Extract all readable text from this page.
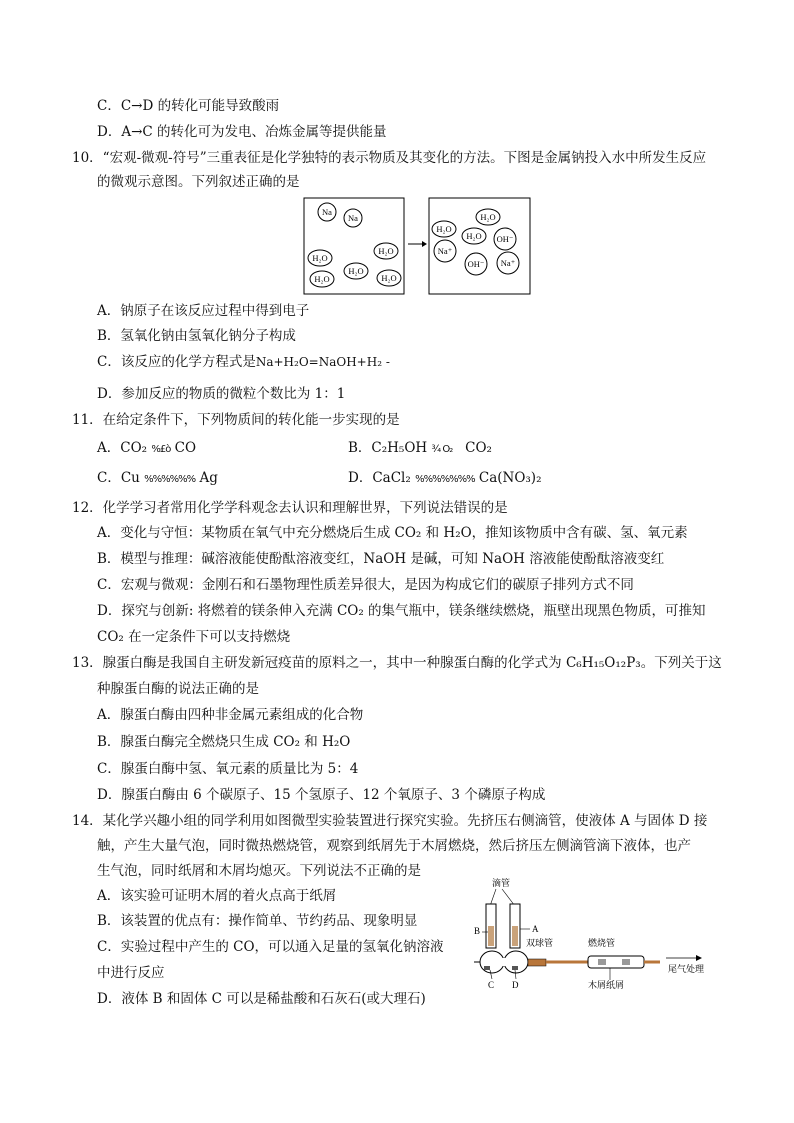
C．C→D 的转化可能导致酸雨
D．A→C 的转化可为发电、冶炼金属等提供能量
10．“宏观-微观-符号”三重表征是化学独特的表示物质及其变化的方法。下图是金属钠投入水中所发生反应
的微观示意图。下列叙述正确的是
Na
Na
H₂O
H₂O
H₂O
H₂O	H₂O
H₂O
H₂O
H₂O OH⁻
Na⁺
OH⁻ Na⁺
A．钠原子在该反应过程中得到电子
B．氢氧化钠由氢氧化钠分子构成
C．该反应的化学方程式是Na+H₂O=NaOH+H₂ -
D．参加反应的物质的微粒个数比为 1：1
11．在给定条件下，下列物质间的转化能一步实现的是
A．CO₂ %£ò CO	B．C₂H₅OH ¾ O₂ CO₂
C．Cu %%%%%% Ag	D．CaCl₂ %%%%%%% Ca(NO₃)₂
12．化学学习者常用化学学科观念去认识和理解世界，下列说法错误的是
A．变化与守恒：某物质在氧气中充分燃烧后生成 CO₂ 和 H₂O，推知该物质中含有碳、氢、氧元素
B．模型与推理：碱溶液能使酚酞溶液变红，NaOH 是碱，可知 NaOH 溶液能使酚酞溶液变红
C．宏观与微观：金刚石和石墨物理性质差异很大，是因为构成它们的碳原子排列方式不同
D．探究与创新: 将燃着的镁条伸入充满 CO₂ 的集气瓶中，镁条继续燃烧，瓶壁出现黑色物质，可推知
CO₂ 在一定条件下可以支持燃烧
13．腺蛋白酶是我国自主研发新冠疫苗的原料之一，其中一种腺蛋白酶的化学式为 C₆H₁₅O₁₂P₃。下列关于这
种腺蛋白酶的说法正确的是
A．腺蛋白酶由四种非金属元素组成的化合物
B．腺蛋白酶完全燃烧只生成 CO₂ 和 H₂O
C．腺蛋白酶中氢、氧元素的质量比为 5：4
D．腺蛋白酶由 6 个碳原子、15 个氢原子、12 个氧原子、3 个磷原子构成
14．某化学兴趣小组的同学利用如图微型实验装置进行探究实验。先挤压右侧滴管，使液体 A 与固体 D 接
触，产生大量气泡，同时微热燃烧管，观察到纸屑先于木屑燃烧，然后挤压左侧滴管滴下液体，也产
生气泡，同时纸屑和木屑均熄灭。下列说法不正确的是
A．该实验可证明木屑的着火点高于纸屑
B．该装置的优点有：操作简单、节约药品、现象明显
C．实验过程中产生的 CO，可以通入足量的氢氧化钠溶液
中进行反应
D．液体 B 和固体 C 可以是稀盐酸和石灰石(或大理石)
滴管
B	A
双球管
C D
燃烧管
木屑纸屑
尾气处理
